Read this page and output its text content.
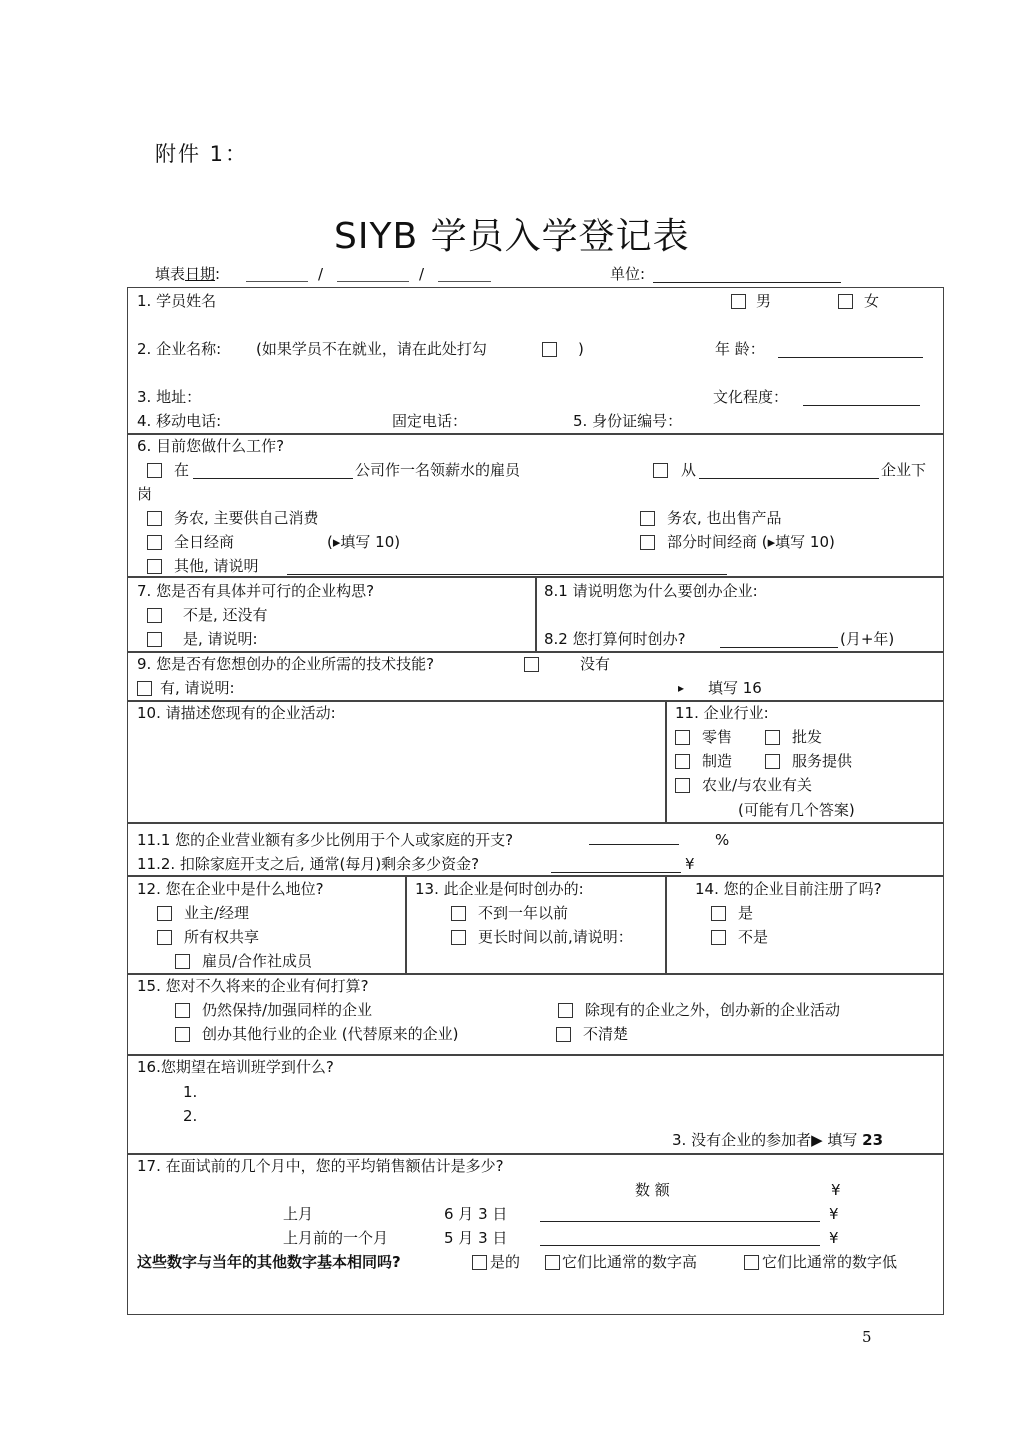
附件 1：
SIYB 学员入学登记表
填表日期:	/	/	单位:
1. 学员姓名	男	女
2. 企业名称: (如果学员不在就业，请在此处打勾	)	年 龄：
3. 地址：	文化程度：
4. 移动电话:	固定电话：	5. 身份证编号：
6. 目前您做什么工作?
在	公司作一名领薪水的雇员	从	企业下
岗
务农, 主要供自己消费	务农, 也出售产品
全日经商	(▸填写 10)	部分时间经商 (▸填写 10)
其他, 请说明
7. 您是否有具体并可行的企业构思?
不是, 还没有
是, 请说明:
8.1 请说明您为什么要创办企业:
8.2 您打算何时创办?	(月+年)
9. 您是否有您想创办的企业所需的技术技能?	没有
有, 请说明:	▸ 填写 16
10. 请描述您现有的企业活动:	11. 企业行业:
零售	批发
制造	服务提供
农业/与农业有关
(可能有几个答案)
11.1 您的企业营业额有多少比例用于个人或家庭的开支?	%
11.2. 扣除家庭开支之后, 通常(每月)剩余多少资金?	¥
12. 您在企业中是什么地位?
业主/经理
所有权共享
雇员/合作社成员
13. 此企业是何时创办的:
不到一年以前
更长时间以前,请说明：
14. 您的企业目前注册了吗?
是
不是
15. 您对不久将来的企业有何打算?
仍然保持/加强同样的企业	除现有的企业之外，创办新的企业活动
创办其他行业的企业 (代替原来的企业)	不清楚
16.您期望在培训班学到什么?
1.
2.
3. 没有企业的参加者▶ 填写 23
17. 在面试前的几个月中，您的平均销售额估计是多少?
数 额	¥
上月	6 月 3 日	¥
上月前的一个月	5 月 3 日	¥
这些数字与当年的其他数字基本相同吗?	是的	它们比通常的数字高	它们比通常的数字低
5
